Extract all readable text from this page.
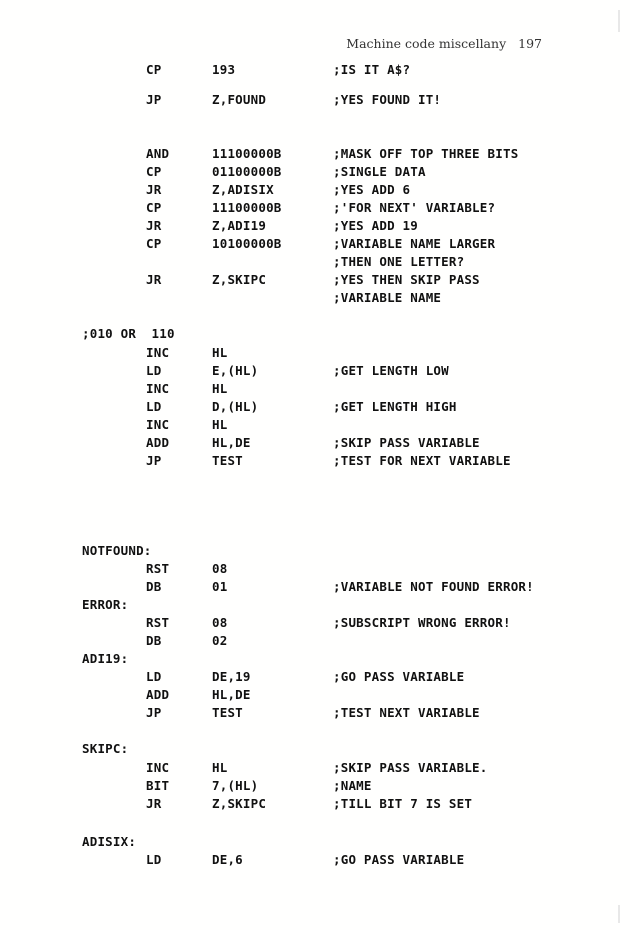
Machine code miscellany 197
CP	193	;IS IT A$?
JP	Z,FOUND	;YES FOUND IT!
AND	11100000B	;MASK OFF TOP THREE BITS
CP	01100000B	;SINGLE DATA
JR	Z,ADISIX	;YES ADD 6
CP	11100000B	;'FOR NEXT' VARIABLE?
JR	Z,ADI19	;YES ADD 19
CP	10100000B	;VARIABLE NAME LARGER
;THEN ONE LETTER?
JR	Z,SKIPC	;YES THEN SKIP PASS
;VARIABLE NAME
;010 OR  110
INC	HL
LD	E,(HL)	;GET LENGTH LOW
INC	HL
LD	D,(HL)	;GET LENGTH HIGH
INC	HL
ADD	HL,DE	;SKIP PASS VARIABLE
JP	TEST	;TEST FOR NEXT VARIABLE
NOTFOUND:
RST	08
DB	01	;VARIABLE NOT FOUND ERROR!
ERROR:
RST	08	;SUBSCRIPT WRONG ERROR!
DB	02
ADI19:
LD	DE,19	;GO PASS VARIABLE
ADD	HL,DE
JP	TEST	;TEST NEXT VARIABLE
SKIPC:
INC	HL	;SKIP PASS VARIABLE.
BIT	7,(HL)	;NAME
JR	Z,SKIPC	;TILL BIT 7 IS SET
ADISIX:
LD	DE,6	;GO PASS VARIABLE
